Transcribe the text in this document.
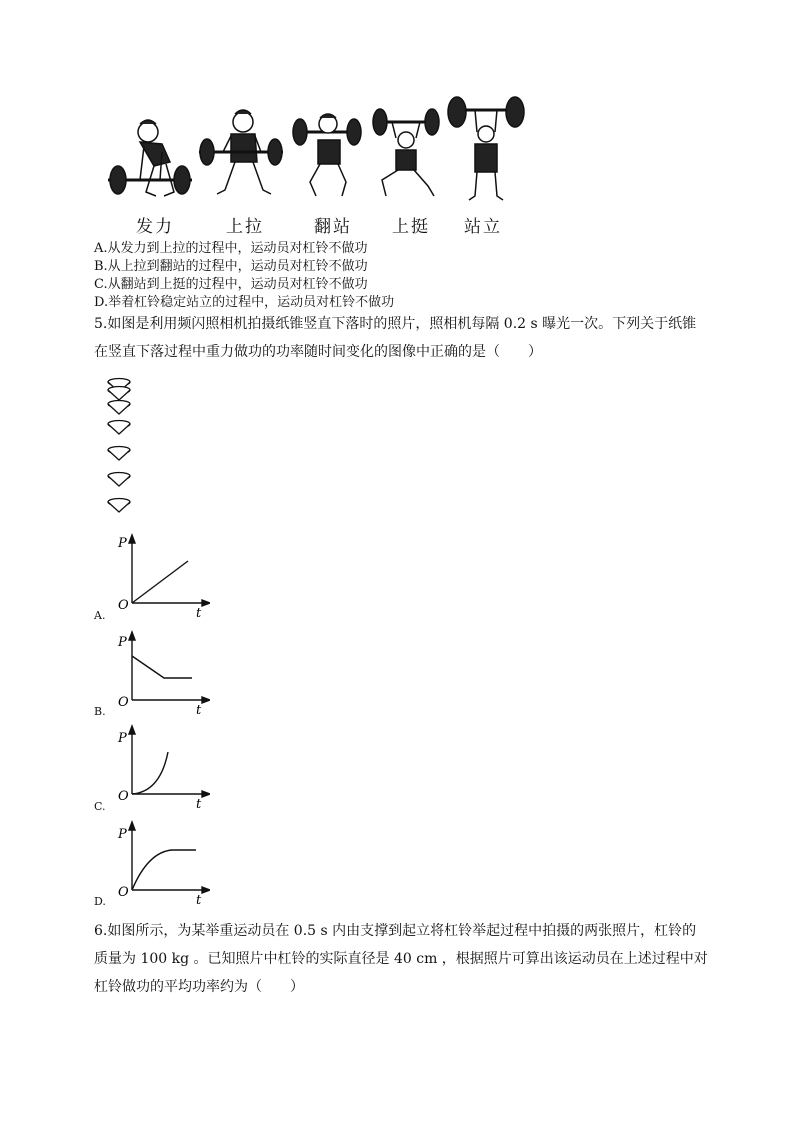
发力	上拉	翻站 上挺 站立
A.从发力到上拉的过程中，运动员对杠铃不做功
B.从上拉到翻站的过程中，运动员对杠铃不做功
C.从翻站到上挺的过程中，运动员对杠铃不做功
D.举着杠铃稳定站立的过程中，运动员对杠铃不做功
5.如图是利用频闪照相机拍摄纸锥竖直下落时的照片，照相机每隔 0.2 s 曝光一次。下列关于纸锥
在竖直下落过程中重力做功的功率随时间变化的图像中正确的是（　　）
P
O
t
A.
P
O
t
B.
P
O
t
C.
P
O
t
D.
6.如图所示，为某举重运动员在 0.5 s 内由支撑到起立将杠铃举起过程中拍摄的两张照片，杠铃的
质量为 100 kg 。已知照片中杠铃的实际直径是 40 cm ，根据照片可算出该运动员在上述过程中对
杠铃做功的平均功率约为（　　）
